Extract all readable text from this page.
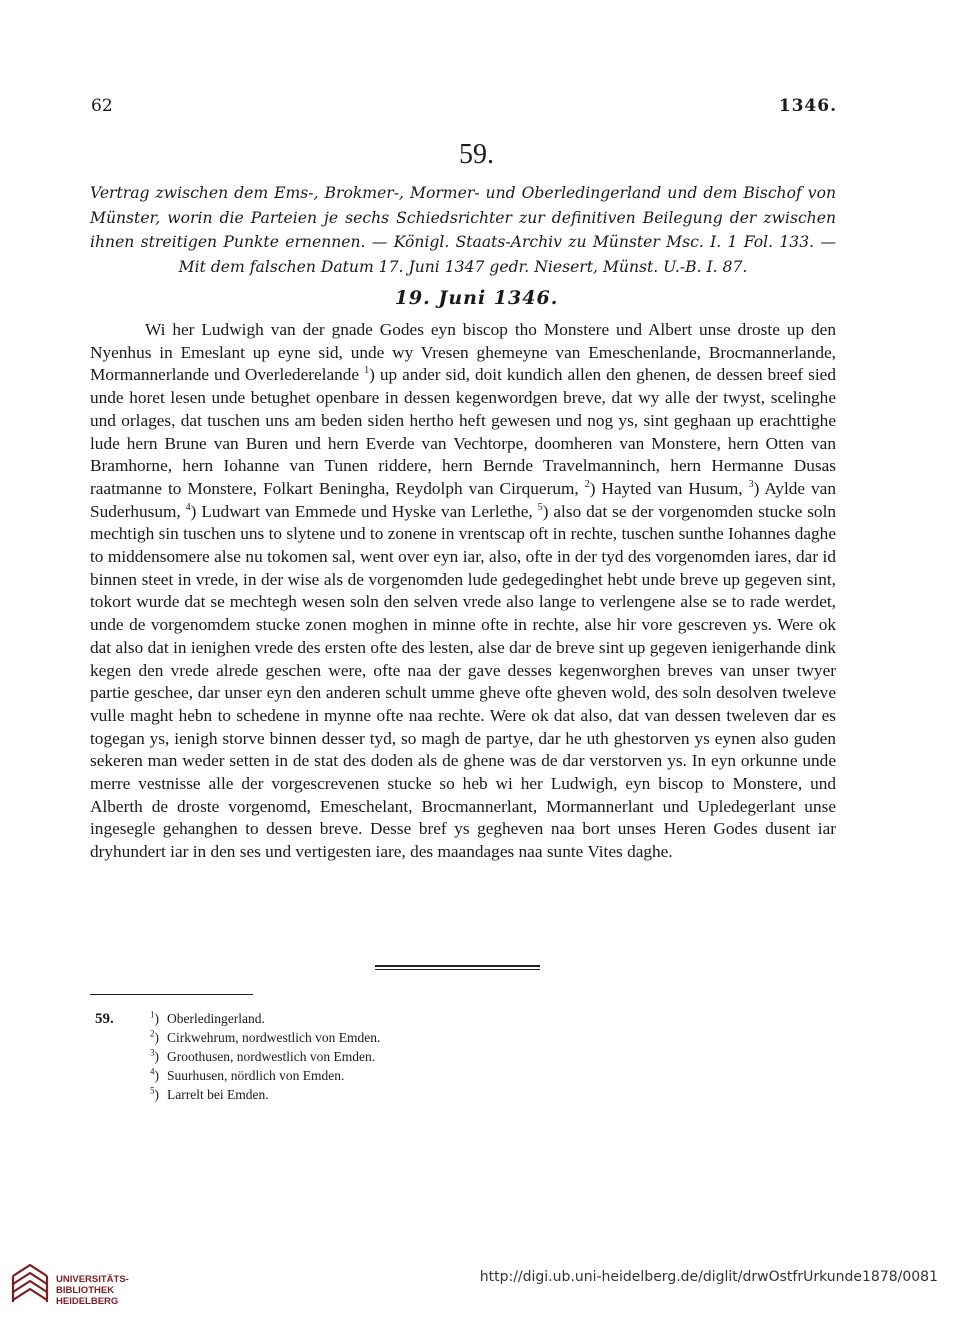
62	1346.
59.
Vertrag zwischen dem Ems-, Brokmer-, Mormer- und Oberledingerland und dem Bischof von Münster, worin die Parteien je sechs Schiedsrichter zur definitiven Beilegung der zwischen ihnen streitigen Punkte ernennen. — Königl. Staats-Archiv zu Münster Msc. I. 1 Fol. 133. — Mit dem falschen Datum 17. Juni 1347 gedr. Niesert, Münst. U.-B. I. 87.
19. Juni 1346.
Wi her Ludwigh van der gnade Godes eyn biscop tho Monstere und Albert unse droste up den Nyenhus in Emeslant up eyne sid, unde wy Vresen ghemeyne van Emeschenlande, Brocmannerlande, Mormannerlande und Overlederelande $^1$) up ander sid, doit kundich allen den ghenen, de dessen breef sied unde horet lesen unde betughet openbare in dessen kegenwordgen breve, dat wy alle der twyst, scelinghe und orlages, dat tuschen uns am beden siden hertho heft gewesen und nog ys, sint geghaan up erachttighe lude hern Brune van Buren und hern Everde van Vechtorpe, doomheren van Monstere, hern Otten van Bramhorne, hern Iohanne van Tunen riddere, hern Bernde Travelmanninch, hern Hermanne Dusas raatmanne to Monstere, Folkart Beningha, Reydolph van Cirquerum, $^2$) Hayted van Husum, $^3$) Aylde van Suderhusum, $^4$) Ludwart van Emmede und Hyske van Lerlethe, $^5$) also dat se der vorgenomden stucke soln mechtigh sin tuschen uns to slytene und to zonene in vrentscap oft in rechte, tuschen sunthe Iohannes daghe to middensomere alse nu tokomen sal, went over eyn iar, also, ofte in der tyd des vorgenomden iares, dar id binnen steet in vrede, in der wise als de vorgenomden lude gedegedinghet hebt unde breve up gegeven sint, tokort wurde dat se mechtegh wesen soln den selven vrede also lange to verlengene alse se to rade werdet, unde de vorgenomdem stucke zonen moghen in minne ofte in rechte, alse hir vore gescreven ys. Were ok dat also dat in ienighen vrede des ersten ofte des lesten, alse dar de breve sint up gegeven ienigerhande dink kegen den vrede alrede geschen were, ofte naa der gave desses kegenworghen breves van unser twyer partie geschee, dar unser eyn den anderen schult umme gheve ofte gheven wold, des soln desolven tweleve vulle maght hebn to schedene in mynne ofte naa rechte. Were ok dat also, dat van dessen tweleven dar es togegan ys, ienigh storve binnen desser tyd, so magh de partye, dar he uth ghestorven ys eynen also guden sekeren man weder setten in de stat des doden als de ghene was de dar verstorven ys. In eyn orkunne unde merre vestnisse alle der vorgescrevenen stucke so heb wi her Ludwigh, eyn biscop to Monstere, und Alberth de droste vorgenomd, Emeschelant, Brocmannerlant, Mormannerlant und Upledegerlant unse ingesegle gehanghen to dessen breve. Desse bref ys gegheven naa bort unses Heren Godes dusent iar dryhundert iar in den ses und vertigesten iare, des maandages naa sunte Vites daghe.
59.	$^1$) Oberledingerland.
$^2$) Cirkwehrum, nordwestlich von Emden.
$^3$) Groothusen, nordwestlich von Emden.
$^4$) Suurhusen, nördlich von Emden.
$^5$) Larrelt bei Emden.
UNIVERSITÄTS-
BIBLIOTHEK
HEIDELBERG
http://digi.ub.uni-heidelberg.de/diglit/drwOstfrUrkunde1878/0081
